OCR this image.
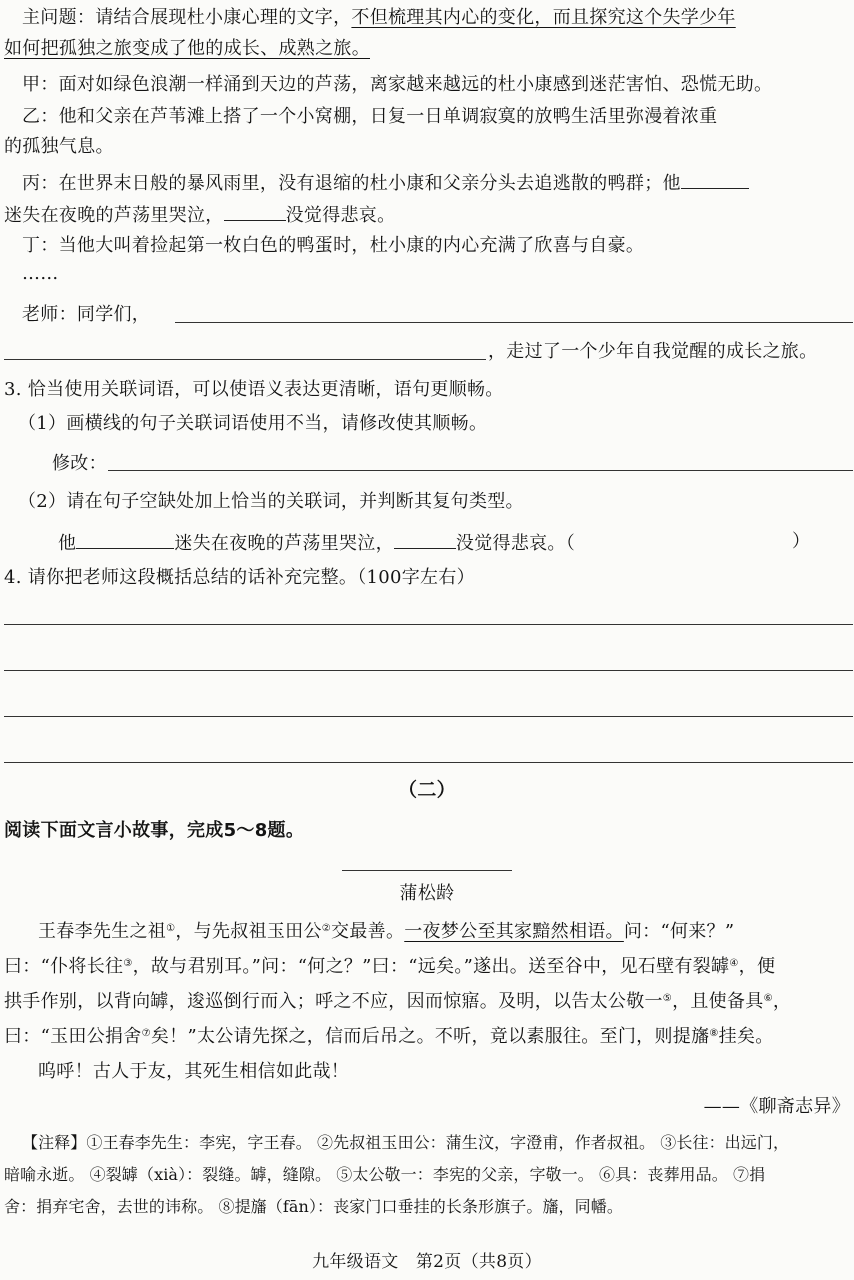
主问题：请结合展现杜小康心理的文字，不但梳理其内心的变化，而且探究这个失学少年
如何把孤独之旅变成了他的成长、成熟之旅。
甲：面对如绿色浪潮一样涌到天边的芦荡，离家越来越远的杜小康感到迷茫害怕、恐慌无助。
乙：他和父亲在芦苇滩上搭了一个小窝棚，日复一日单调寂寞的放鸭生活里弥漫着浓重
的孤独气息。
丙：在世界末日般的暴风雨里，没有退缩的杜小康和父亲分头去追逃散的鸭群；他
迷失在夜晚的芦荡里哭泣，	没觉得悲哀。
丁：当他大叫着捡起第一枚白色的鸭蛋时，杜小康的内心充满了欣喜与自豪。
……
老师：同学们，
，走过了一个少年自我觉醒的成长之旅。
3. 恰当使用关联词语，可以使语义表达更清晰，语句更顺畅。
（1）画横线的句子关联词语使用不当，请修改使其顺畅。
修改：
（2）请在句子空缺处加上恰当的关联词，并判断其复句类型。
他	迷失在夜晚的芦荡里哭泣，	没觉得悲哀。（	）
4. 请你把老师这段概括总结的话补充完整。（100字左右）
（二）
阅读下面文言小故事，完成5～8题。
蒲松龄
王春李先生之祖①，与先叔祖玉田公②交最善。一夜梦公至其家黯然相语。问：“何来？”
曰：“仆将长往③，故与君别耳。”问：“何之？”曰：“远矣。”遂出。送至谷中，见石壁有裂罅④，便
拱手作别，以背向罅，逡巡倒行而入；呼之不应，因而惊寤。及明，以告太公敬一⑤，且使备具⑥，
曰：“玉田公捐舍⑦矣！”太公请先探之，信而后吊之。不听，竟以素服往。至门，则提旛⑧挂矣。
呜呼！古人于友，其死生相信如此哉！
——《聊斋志异》
【注释】①王春李先生：李宪，字王春。 ②先叔祖玉田公：蒲生汶，字澄甫，作者叔祖。 ③长往：出远门，
暗喻永逝。 ④裂罅（xià）：裂缝。罅，缝隙。 ⑤太公敬一：李宪的父亲，字敬一。 ⑥具：丧葬用品。 ⑦捐
舍：捐弃宅舍，去世的讳称。 ⑧提旛（fān）：丧家门口垂挂的长条形旗子。旛，同幡。
九年级语文　第2页（共8页）
